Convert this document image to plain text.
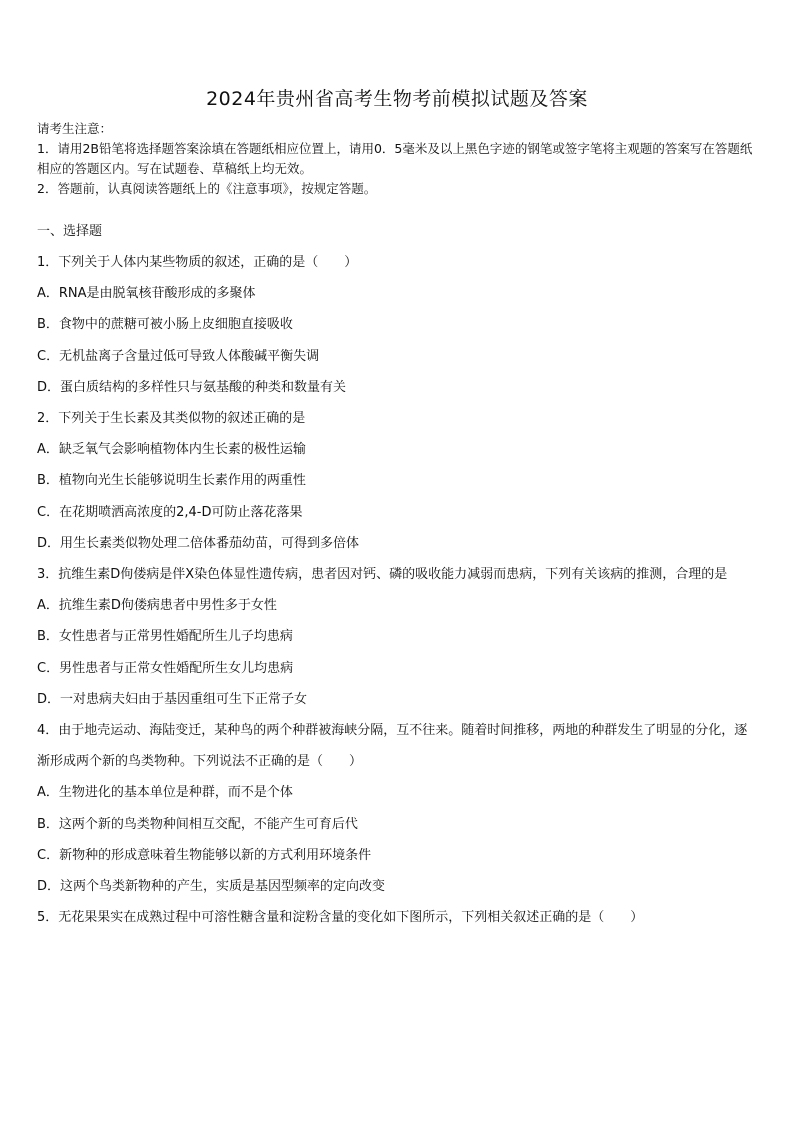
2024年贵州省高考生物考前模拟试题及答案

请考生注意：

1．请用2B铅笔将选择题答案涂填在答题纸相应位置上，请用0．5毫米及以上黑色字迹的钢笔或签字笔将主观题的答案写在答题纸相应的答题区内。写在试题卷、草稿纸上均无效。

2．答题前，认真阅读答题纸上的《注意事项》，按规定答题。

一、选择题

1．下列关于人体内某些物质的叙述，正确的是（　　）

A．RNA是由脱氧核苷酸形成的多聚体

B．食物中的蔗糖可被小肠上皮细胞直接吸收

C．无机盐离子含量过低可导致人体酸碱平衡失调

D．蛋白质结构的多样性只与氨基酸的种类和数量有关

2．下列关于生长素及其类似物的叙述正确的是

A．缺乏氧气会影响植物体内生长素的极性运输

B．植物向光生长能够说明生长素作用的两重性

C．在花期喷洒高浓度的2,4-D可防止落花落果

D．用生长素类似物处理二倍体番茄幼苗，可得到多倍体

3．抗维生素D佝偻病是伴X染色体显性遗传病，患者因对钙、磷的吸收能力减弱而患病，下列有关该病的推测，合理的是

A．抗维生素D佝偻病患者中男性多于女性

B．女性患者与正常男性婚配所生儿子均患病

C．男性患者与正常女性婚配所生女儿均患病

D．一对患病夫妇由于基因重组可生下正常子女

4．由于地壳运动、海陆变迁，某种鸟的两个种群被海峡分隔，互不往来。随着时间推移，两地的种群发生了明显的分化，逐渐形成两个新的鸟类物种。下列说法不正确的是（　　）

A．生物进化的基本单位是种群，而不是个体

B．这两个新的鸟类物种间相互交配，不能产生可育后代

C．新物种的形成意味着生物能够以新的方式利用环境条件

D．这两个鸟类新物种的产生，实质是基因型频率的定向改变

5．无花果果实在成熟过程中可溶性糖含量和淀粉含量的变化如下图所示，下列相关叙述正确的是（　　）
